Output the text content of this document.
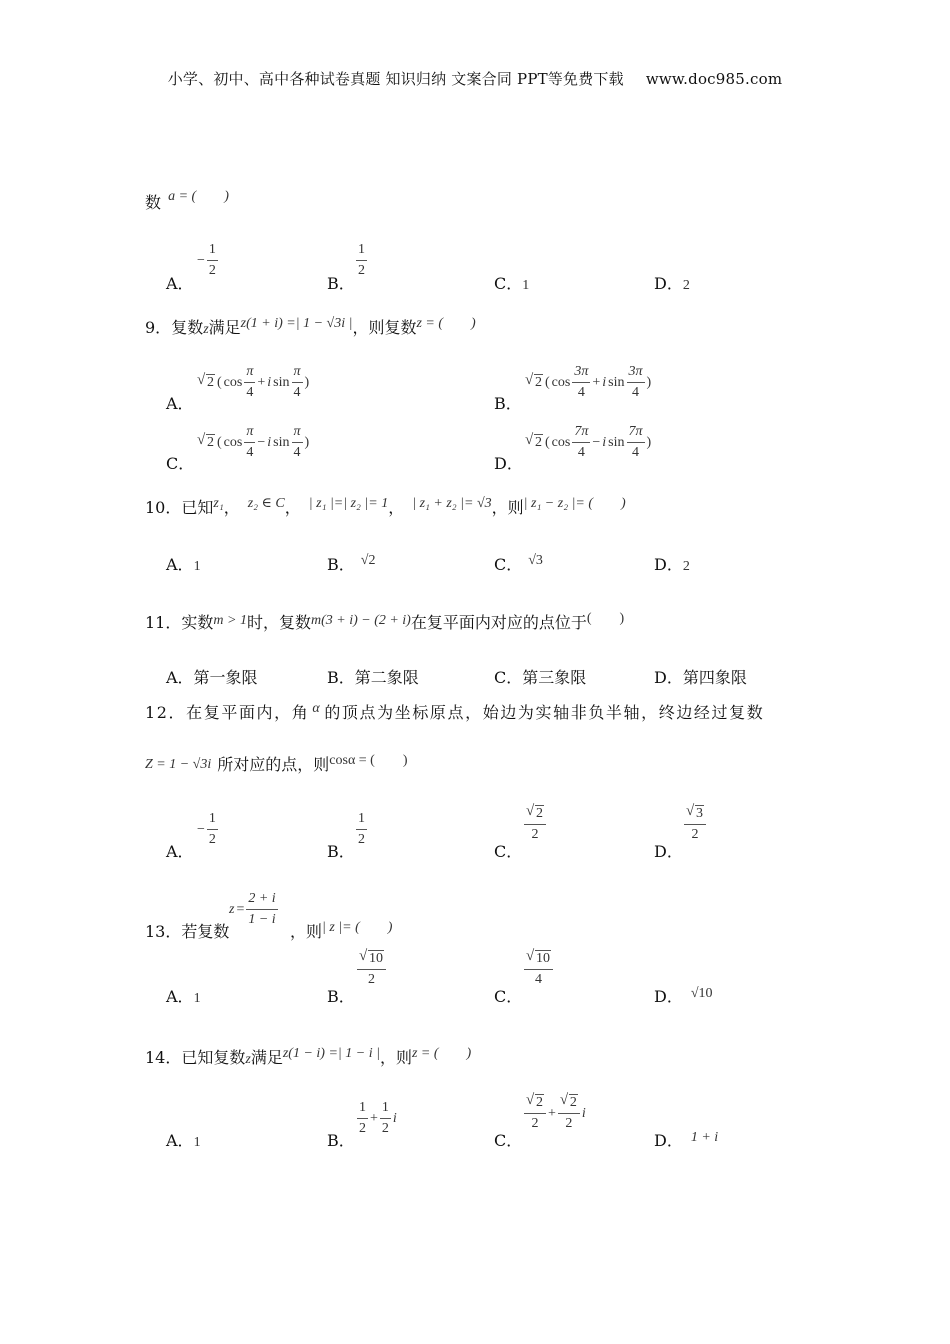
小学、初中、高中各种试卷真题 知识归纳 文案合同 PPT等免费下载 www.doc985.com
数 a = (　　)
A．
− $\frac{1}{2}$
B．
$\frac{1}{2}$
C．1	D．2
9．复数z满足z(1 + i) =| 1 − √3i |，则复数z = (　　)
A．
√ 2 ( $\cos \frac{\pi}{4} + i$ $\sin \frac{\pi}{4}$ )
B．
√ 2 ( $\cos \frac{3\pi}{4} + i$ $\sin \frac{3\pi}{4}$ )
C．
√ 2 ( $\cos \frac{\pi}{4} - i$ $\sin \frac{\pi}{4}$ )
D．
√ 2 ( $\cos \frac{7\pi}{4} - i$ $\sin \frac{7\pi}{4}$ )
10．已知z₁， z₂ ∈ C， | z₁ |=| z₂ |= 1， | z₁ + z₂ |= √3，则| z₁ − z₂ |= (　　)
A．1	B． √2	C． √3	D．2
11．实数m > 1时，复数m(3 + i) − (2 + i)在复平面内对应的点位于(　　)
A．第一象限	B．第二象限	C．第三象限	D．第四象限
12．在复平面内，角 α 的顶点为坐标原点，始边为实轴非负半轴，终边经过复数
Z = 1 − √3i 所对应的点，则cosα = (　　)
A．
− $\frac{1}{2}$
B．
$\frac{1}{2}$
C．
$\frac{√ 2}{2}$
D．
$\frac{√ 3}{2}$
13．若复数
$z = \frac{2 + i}{1 - i}$
，则| z |= (　　)
A．1	B．
$\frac{√ 10}{2}$
C．
$\frac{√ 10}{4}$
D． √10
14．已知复数z满足z(1 − i) =| 1 − i |，则z = (　　)
A．1	B．
$\frac{1}{2} + \frac{1}{2}$ i
C．
$\frac{√ 2}{2} + \frac{√ 2}{2}$ i
D． 1 + i
